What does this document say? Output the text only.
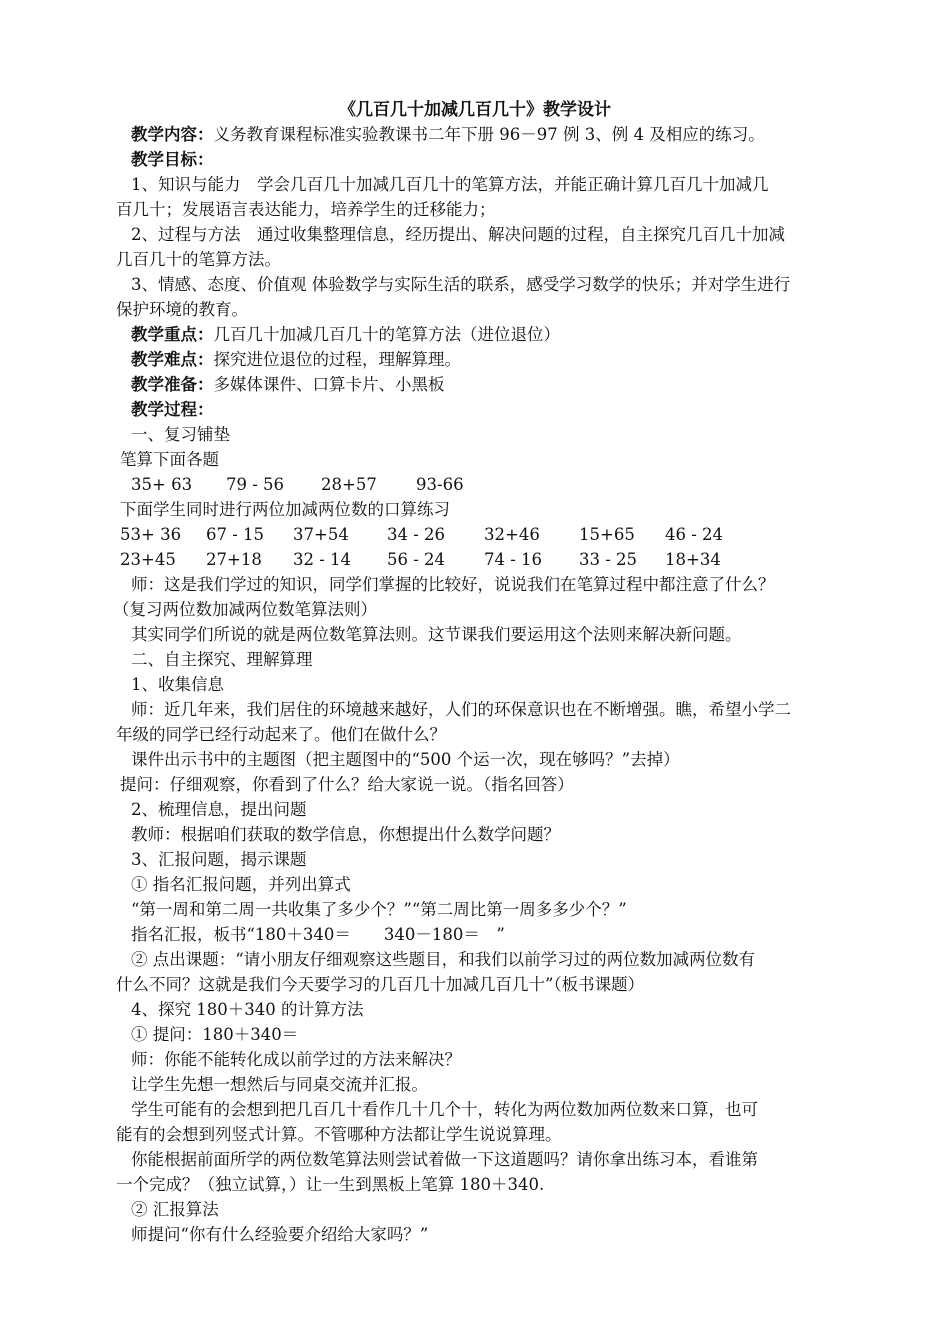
《几百几十加减几百几十》教学设计
教学内容：义务教育课程标准实验教课书二年下册 96－97 例 3、例 4 及相应的练习。
教学目标：
1、知识与能力　学会几百几十加减几百几十的笔算方法，并能正确计算几百几十加减几
百几十；发展语言表达能力，培养学生的迁移能力；
2、过程与方法　通过收集整理信息，经历提出、解决问题的过程，自主探究几百几十加减
几百几十的笔算方法。
3、情感、态度、价值观 体验数学与实际生活的联系，感受学习数学的快乐；并对学生进行
保护环境的教育。
教学重点：几百几十加减几百几十的笔算方法（进位退位）
教学难点：探究进位退位的过程，理解算理。
教学准备：多媒体课件、口算卡片、小黑板
教学过程：
一、复习铺垫
笔算下面各题
35+ 63 79 - 56 28+57 93-66
下面学生同时进行两位加减两位数的口算练习
53+ 36 67 - 15 37+54 34 - 26 32+46 15+65 46 - 24
23+45 27+18 32 - 14 56 - 24 74 - 16 33 - 25 18+34
师：这是我们学过的知识，同学们掌握的比较好，说说我们在笔算过程中都注意了什么？
（复习两位数加减两位数笔算法则）
其实同学们所说的就是两位数笔算法则。这节课我们要运用这个法则来解决新问题。
二、自主探究、理解算理
1、收集信息
师：近几年来，我们居住的环境越来越好，人们的环保意识也在不断增强。瞧，希望小学二
年级的同学已经行动起来了。他们在做什么？
课件出示书中的主题图（把主题图中的“500 个运一次，现在够吗？”去掉）
提问：仔细观察，你看到了什么？给大家说一说。（指名回答）
2、梳理信息，提出问题
教师：根据咱们获取的数学信息，你想提出什么数学问题？
3、汇报问题，揭示课题
① 指名汇报问题，并列出算式
“第一周和第二周一共收集了多少个？”“第二周比第一周多多少个？”
指名汇报，板书“180＋340＝　　340－180＝　”
② 点出课题：“请小朋友仔细观察这些题目，和我们以前学习过的两位数加减两位数有
什么不同？这就是我们今天要学习的几百几十加减几百几十”（板书课题）
4、探究 180＋340 的计算方法
① 提问：180＋340＝
师：你能不能转化成以前学过的方法来解决？
让学生先想一想然后与同桌交流并汇报。
学生可能有的会想到把几百几十看作几十几个十，转化为两位数加两位数来口算，也可
能有的会想到列竖式计算。不管哪种方法都让学生说说算理。
你能根据前面所学的两位数笔算法则尝试着做一下这道题吗？请你拿出练习本，看谁第
一个完成？（独立试算，）让一生到黑板上笔算 180＋340.
② 汇报算法
师提问“你有什么经验要介绍给大家吗？”
